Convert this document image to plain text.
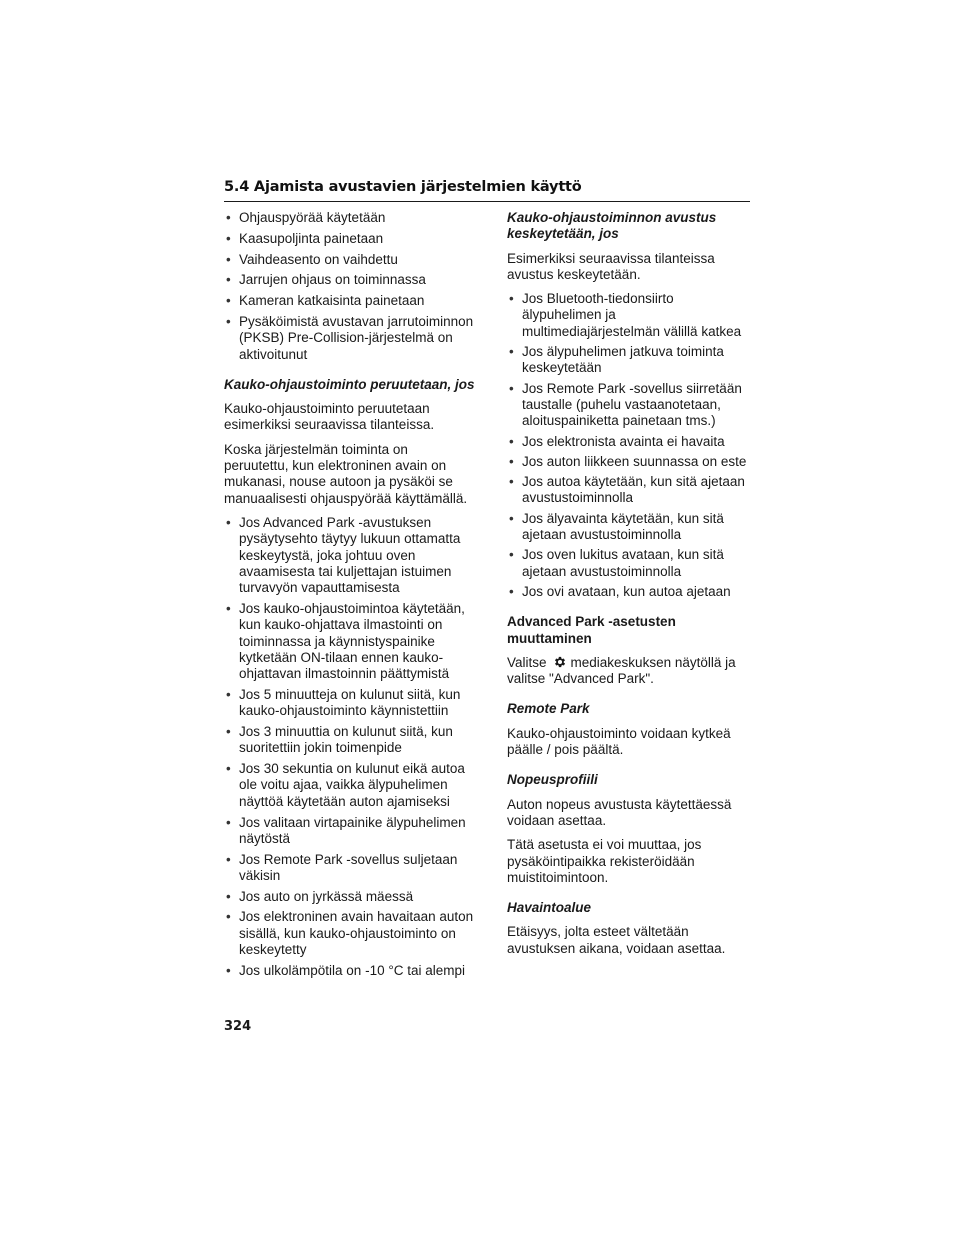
5.4 Ajamista avustavien järjestelmien käyttö
• Ohjauspyörää käytetään
• Kaasupoljinta painetaan
• Vaihdeasento on vaihdettu
• Jarrujen ohjaus on toiminnassa
• Kameran katkaisinta painetaan
• Pysäköimistä avustavan jarrutoiminnon (PKSB) Pre-Collision-järjestelmä on aktivoitunut
Kauko-ohjaustoiminto peruutetaan, jos

Kauko-ohjaustoiminto peruutetaan esimerkiksi seuraavissa tilanteissa.

Koska järjestelmän toiminta on peruutettu, kun elektroninen avain on mukanasi, nouse autoon ja pysäköi se manuaalisesti ohjauspyörää käyttämällä.

• Jos Advanced Park -avustuksen pysäytysehto täytyy lukuun ottamatta keskeytystä, joka johtuu oven avaamisesta tai kuljettajan istuimen turvavyön vapauttamisesta
• Jos kauko-ohjaustoimintoa käytetään, kun kauko-ohjattava ilmastointi on toiminnassa ja käynnistyspainike kytketään ON-tilaan ennen kauko-ohjattavan ilmastoinnin päättymistä
• Jos 5 minuutteja on kulunut siitä, kun kauko-ohjaustoiminto käynnistettiin
• Jos 3 minuuttia on kulunut siitä, kun suoritettiin jokin toimenpide
• Jos 30 sekuntia on kulunut eikä autoa ole voitu ajaa, vaikka älypuhelimen näyttöä käytetään auton ajamiseksi
• Jos valitaan virtapainike älypuhelimen näytöstä
• Jos Remote Park -sovellus suljetaan väkisin
• Jos auto on jyrkässä mäessä
• Jos elektroninen avain havaitaan auton sisällä, kun kauko-ohjaustoiminto on keskeytetty
• Jos ulkolämpötila on -10 °C tai alempi
Kauko-ohjaustoiminnon avustus keskeytetään, jos

Esimerkiksi seuraavissa tilanteissa avustus keskeytetään.

• Jos Bluetooth-tiedonsiirto älypuhelimen ja multimediajärjestelmän välillä katkea
• Jos älypuhelimen jatkuva toiminta keskeytetään
• Jos Remote Park -sovellus siirretään taustalle (puhelu vastaanotetaan, aloituspainiketta painetaan tms.)
• Jos elektronista avainta ei havaita
• Jos auton liikkeen suunnassa on este
• Jos autoa käytetään, kun sitä ajetaan avustustoiminnolla
• Jos älyavainta käytetään, kun sitä ajetaan avustustoiminnolla
• Jos oven lukitus avataan, kun sitä ajetaan avustustoiminnolla
• Jos ovi avataan, kun autoa ajetaan
Advanced Park -asetusten muuttaminen

Valitse mediakeskuksen näytöllä ja valitse "Advanced Park".

Remote Park

Kauko-ohjaustoiminto voidaan kytkeä päälle / pois päältä.

Nopeusprofiili

Auton nopeus avustusta käytettäessä voidaan asettaa.

Tätä asetusta ei voi muuttaa, jos pysäköintipaikka rekisteröidään muistitoimintoon.

Havaintoalue

Etäisyys, jolta esteet vältetään avustuksen aikana, voidaan asettaa.

324
